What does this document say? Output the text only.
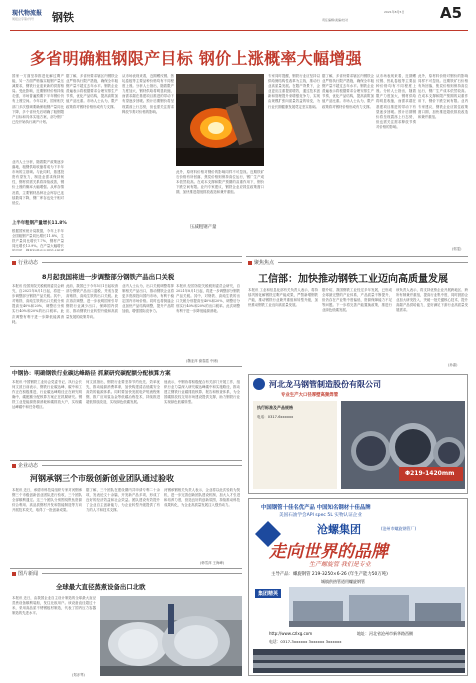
现代物流报
周报总字第/刊号 钢铁	2021年8月5日
责任编辑/美编/校对	A5
多省明确粗钢限产目标 钢价上涨概率大幅增强
国家一方面坚持推进化解过剩产能，另一方面严格落实粗钢产量压减要求，钢铁行业迎来新的供需格局。受此影响，近期钢材价格持续走强，市场普遍预期下半年钢价仍有上涨空间。今年以来，国家相关部门多次强调要确保粗钢产量同比下降，多个省份先后明确了粗钢限产目标和具体实施方案，部分钢厂已经开始执行减产计划。
业内人士分析，随着限产政策逐步落地，粗钢供给收缩将成为下半年市场的主基调。与此同时，基建投资有望发力，制造业需求保持韧性，钢材供需关系将持续改善，钢价上涨的概率大幅增强。从库存情况看，主要钢材品种社会库存已连续数周下降，钢厂库存也处于相对低位。
上半年粗钢产量增长11.8%
根据国家统计局数据，今年上半年全国粗钢产量同比增长11.8%，生铁产量同比增长7.7%，钢材产量同比增长13.9%。在产量大幅增长
据了解，多省份要求辖区内钢铁企业严格执行限产措施，确保全年粗钢产量不超过去年水平。钢铁企业普遍表示将根据要求合理安排生产节奏，优化产品结构，提高高附加值产品比重。市场人士认为，限产政策将对钢材价格形成有力支撑。
从市场表现来看，近期螺纹钢、热轧卷板等主要品种价格均有不同程度上涨。分析人士指出，随着限产力度加大，钢材供给将明显收缩，而需求端在基建项目推进的带动下有望逐步回暖。预计后期钢价将呈现震荡上行态势，但也需关注需求释放节奏对价格的影响。
此外，原材料价格对钢价的影响同样不可忽视。近期铁矿石价格有所回落，焦炭价格则保持高位运行，钢厂生产成本依然较高。在成本支撑和限产预期的双重作用下，钢价下跌空间有限。业内专家建议，钢铁企业应抓住政策窗口期，加快推进超低排放改造和兼并重组。
压减粗钢产量
专家同时提醒，钢铁行业应坚持以供给侧结构性改革为主线，推动行业高质量发展。在限产背景下，企业更应注重提质增效，通过技术创新和管理提升来增强竞争力，实现由规模扩张向质量效益的转变，为行业长期健康发展奠定坚实基础。
据了解，多省份要求辖区内钢铁企业严格执行限产措施，确保全年粗钢产量不超过去年水平。钢铁企业普遍表示将根据要求合理安排生产节奏，优化产品结构，提高高附加值产品比重。市场人士认为，限产政策将对钢材价格形成有力支撑。
从市场表现来看，近期螺纹钢、热轧卷板等主要品种价格均有不同程度上涨。分析人士指出，随着限产力度加大，钢材供给将明显收缩，而需求端在基建项目推进的带动下有望逐步回暖。预计后期钢价将呈现震荡上行态势，但也需关注需求释放节奏对价格的影响。
此外，原材料价格对钢价的影响同样不可忽视。近期铁矿石价格有所回落，焦炭价格则保持高位运行，钢厂生产成本依然较高。在成本支撑和限产预期的双重作用下，钢价下跌空间有限。业内专家建议，钢铁企业应抓住政策窗口期，加快推进超低排放改造和兼并重组。
(郭雯)
行业动态
8月起我国将进一步调整部分钢铁产品出口关税
本报讯 经国务院关税税则委员会研究，自2021年8月1日起，将进一步调整部分钢铁产品关税。其中，对铬铁、高纯生铁的出口关税分别提高至40%和20%，调整后分别实行40%和20%的出口税率。此次调整有利于进一步降低能源消耗。
此前，我国已于今年5月1日起取消部分钢铁产品出口退税，并适当提高铬铁、高纯生铁的出口关税。此次再次调整，进一步表明国家引导钢铁行业减少出口、保障国内供应、推动钢铁行业转型升级和高质量发展的政策导向。
业内人士认为，出口关税调整将抑制相关产品出口，推动钢铁企业将更多资源投向国内市场，有利于稳定国内市场价格。同时也将倒逼企业加快产品结构调整，提升产品附加值，增强国际竞争力。
本报讯 经国务院关税税则委员会研究，自2021年8月1日起，将进一步调整部分钢铁产品关税。其中，对铬铁、高纯生铁的出口关税分别提高至40%和20%，调整后分别实行40%和20%的出口税率。此次调整有利于进一步降低能源消耗。
(魏亚萍 谢春霞 中储)
中钢协：明确钢铁行业碳达峰路径 抓紧研究碳配额分配核算方案
本报讯 中国钢铁工业协会党委书记、执行会长何文波日前表示，钢铁行业碳达峰、碳中和工作正在积极推进，行业碳达峰路径正在研究明确中，碳配额分配核算方案正在抓紧研究。钢铁工业是能源资源消耗和碳排放大户，实现碳达峰碳中和任务艰巨。
何文波指出，钢铁行业要坚持节约优先、效率优先，推动能源消费革命，加快构建清洁低碳安全高效的能源体系。同时要加快发展电炉短流程炼钢，推广应用氢冶金等低碳冶炼技术，持续推进超低排放改造，实现绿色低碳发展。
他表示，中钢协将积极配合有关部门开展工作，组织行业力量深入研究碳达峰碳中和实施路径，推动建立钢铁行业碳排放核算、报告和核查体系，为全国碳排放权交易市场建设提供支撑，助力钢铁行业实现绿色低碳转型。
企业动态
河钢承钢三个市级创新创业团队通过验收
本报讯 近日，承德市科技局组织专家对河钢承钢三个市级创新创业团队进行验收，三个团队全部顺利通过。这三个团队分别围绕钒钛资源综合利用、高品质钢材开发和智能制造等方向开展技术攻关，取得了一批创新成果。
据了解，三个团队在建设期内共申请专利二十余项，发表论文十余篇，开发新产品多项，形成了良好的经济效益和社会效益。团队建设有效提升了企业自主创新能力，为企业转型升级提供了有力的人才和技术支撑。
河钢承钢相关负责人表示，企业将以此次验收为契机，进一步完善创新团队建设机制，加大人才引进和培养力度，营造良好的创新氛围，持续推动科技成果转化，为企业高质量发展注入强劲动力。
(韩雪萍 王海峰)
图片新闻
全球最大直径蒸煮设备出口北欧
本报讯 近日，由我国企业自主设计制造的全球最大直径蒸煮设备顺利装船，发往北欧用户。该设备直径超过十米，采用高品质不锈钢板材制造，代表了国内压力容器制造的先进水平。
(郑亦琴)
聚焦焦点
工信部：加快推动钢铁工业迈向高质量发展
本报讯 工业和信息化部有关负责人表示，将持续巩固化解钢铁过剩产能成果，严禁新增钢铁产能，推动钢铁行业兼并重组和转型升级，加快推动钢铁工业迈向高质量发展。
据介绍，我国钢铁工业经过多年发展，已形成全球最完整的产业体系，产品质量不断提升，但仍存在产业集中度偏低、资源保障能力不足等问题。下一步将完善产能置换政策，推进行业绿色低碳发展。
该负责人表示，将支持优势企业开展跨地区、跨所有制兼并重组，提高行业集中度，同时鼓励企业加大研发投入，突破一批关键核心技术，提升高端产品供给能力，更好满足下游行业高质量发展需求。
(孙嘉)
河北龙马钢管制造股份有限公司
专业生产大口径厚壁高频焊管
执行标准及产品规格
电话：0317-6xxxxxx
Φ219-1420mm
中国钢管十佳名优产品 中国知名钢材十佳品牌
美国石油学会API spec 5L 实物认证企业
沧螺集团	(沧州市螺旋钢管厂)
走向世界的品牌
生产螺旋管 我们是专业
主导产品：螺旋钢管 219-3250×6-26 (年生产能力50万吨)
城镇供热管道用螺旋钢管
集团精英
http://www.czlxg.com	地址：河北省沧州市新华路西侧
电话：0317-3xxxxxx 3xxxxxx 3xxxxxx
